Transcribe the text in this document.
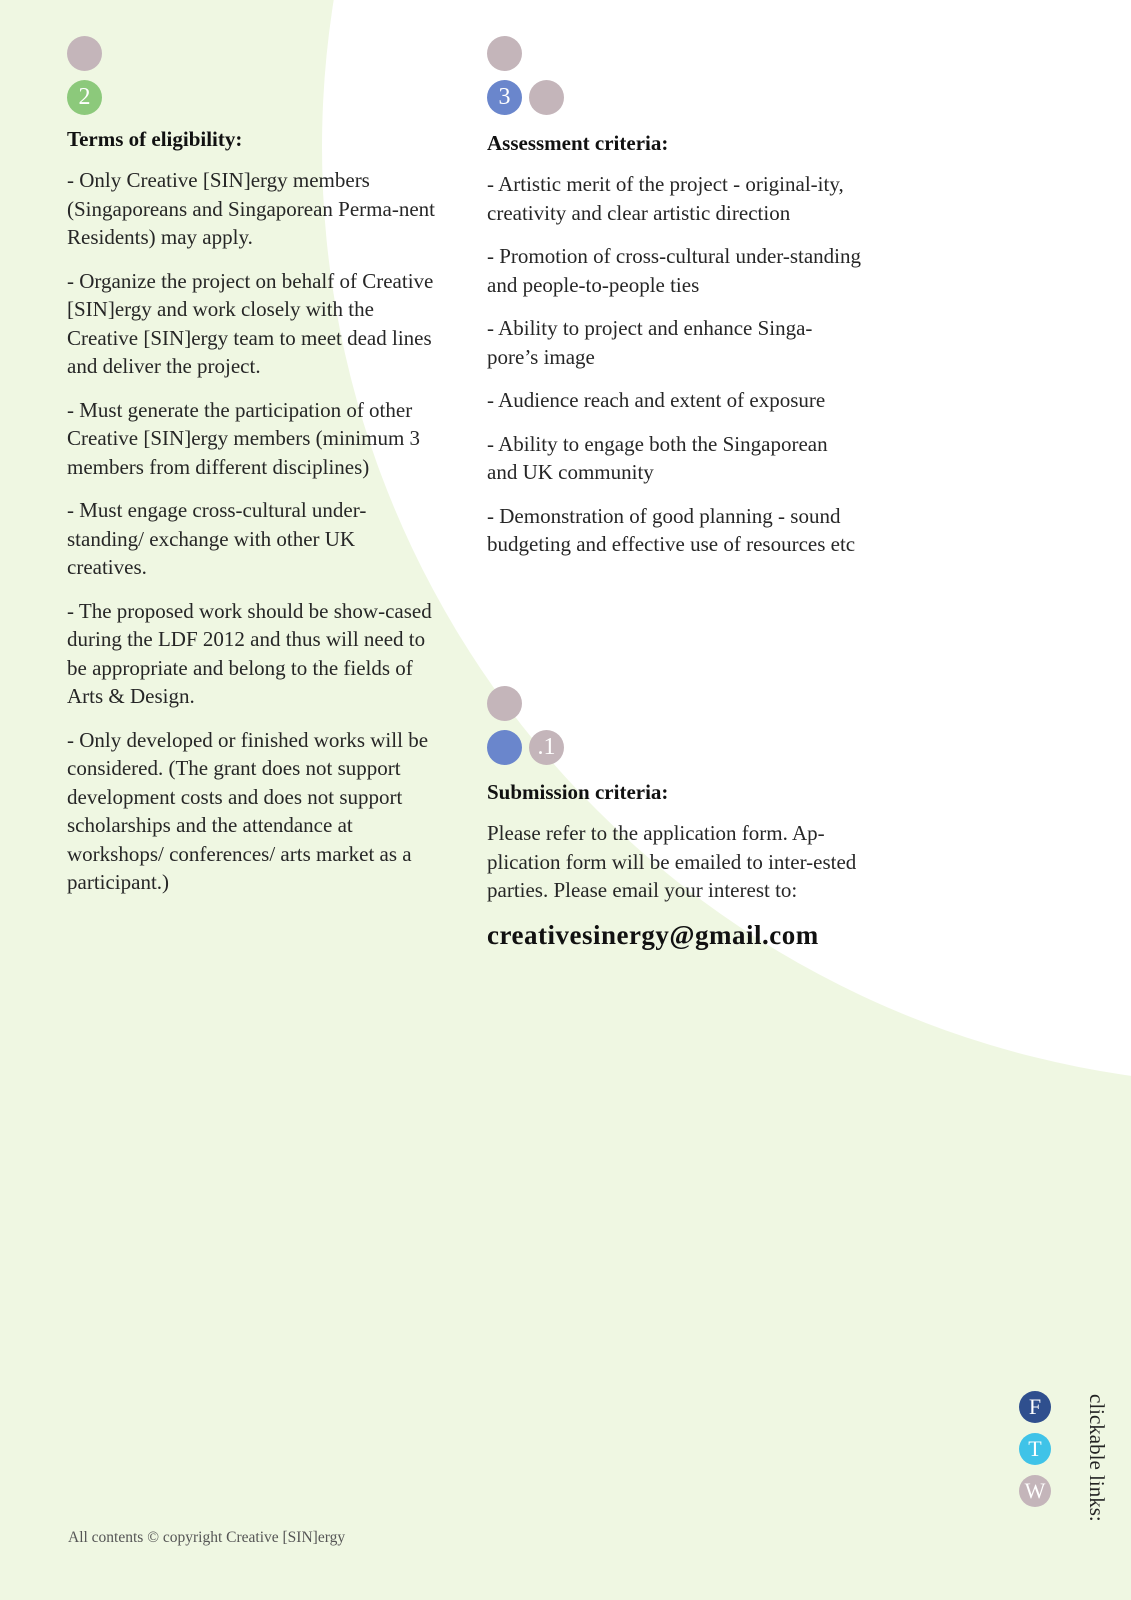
2
Terms of eligibility:

- Only Creative [SIN]ergy members (Singaporeans and Singaporean Perma-nent Residents) may apply.

- Organize the project on behalf of Creative [SIN]ergy and work closely with the Creative [SIN]ergy team to meet dead lines and deliver the project.

- Must generate the participation of other Creative [SIN]ergy members (minimum 3 members from different disciplines)

- Must engage cross-cultural under-standing/ exchange with other UK creatives.

- The proposed work should be show-cased during the LDF 2012 and thus will need to be appropriate and belong to the fields of Arts & Design.

- Only developed or finished works will be considered. (The grant does not support development costs and does not support scholarships and the attendance at workshops/ conferences/ arts market as a participant.)

3
Assessment criteria:

- Artistic merit of the project - original-ity, creativity and clear artistic direction

- Promotion of cross-cultural under-standing and people-to-people ties

- Ability to project and enhance Singa-pore’s image

- Audience reach and extent of exposure

- Ability to engage both the Singaporean and UK community

- Demonstration of good planning - sound budgeting and effective use of resources etc

.1
Submission criteria:

Please refer to the application form. Ap-plication form will be emailed to inter-ested parties. Please email your interest to:

creativesinergy@gmail.com
All contents © copyright Creative [SIN]ergy
F
T
W clickable links:
